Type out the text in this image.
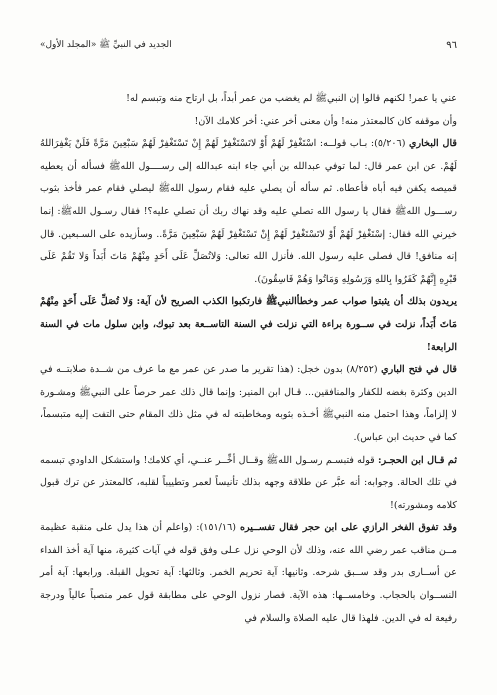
٩٦
الجديد في النبيِّ ﷺ «المجلد الأول»

عني يا عمر! لكنهم قالوا إن النبيﷺ لم يغضب من عمر أبداً، بل ارتاح منه وتبسم له!

وأن موقفه كان كالمعتذر منه! وأن معنى أخر عني: أخر كلامك الآن!

قال البخاري (٥/٢٠٦): بـاب قولــه: اسْتَغْفِرْ لَهُمْ أَوْ لاتَسْتَغْفِرْ لَهُمْ إِنْ تَسْتَغْفِرْ لَهُمْ سَبْعِينَ مَرَّةً فَلَنْ يَغْفِرَاللهُ لَهُمْ. عن ابن عمر قال: لما توفي عبدالله بن أبي جاء ابنه عبدالله إلى رســــول اللهﷺ فسأله أن يعطيه قميصه يكفن فيه أباه فأعطاه. ثم سأله أن يصلي عليه فقام رسول اللهﷺ ليصلي فقام عمر فأخذ بثوب رســـول اللهﷺ فقال يا رسول الله تصلي عليه وقد نهاك ربك أن تصلي عليه؟! فقال رسـول اللهﷺ: إنما خيرني الله فقال: إسْتَغْفِرْ لَهُمْ أَوْ لاتَسْتَغْفِرْ لَهُمْ إِنْ تَسْتَغْفِرْ لَهُمْ سَبْعِينَ مَرَّةً.. وسأزيده على السـبعين. قال إنه منافق! قال فصلى عليه رسول الله. فأنزل الله تعالى: وَلاتُصَلِّ عَلَى أَحَدٍ مِنْهُمْ مَاتَ أَبَداً وَلا تَقُمْ عَلَى قَبْرِهِ إِنَّهُمْ كَفَرُوا بِاللهِ وَرَسُولِهِ وَمَاتُوا وَهُمْ فَاسِقُونَ).

يريدون بذلك أن يثبتوا صواب عمر وخطأالنبيﷺ فارتكبوا الكذب الصريح لأن آية: وَلا تُصَلِّ عَلَى أَحَدٍ مِنْهُمْ مَاتَ أَبَداً، نزلت في ســورة براءة التي نزلت في السنة التاســعة بعد تبوك، وابن سلول مات في السنة الرابعة!

قال في فتح الباري (٨/٢٥٢) بدون خجل: (هذا تقرير ما صدر عن عمر مع ما عرف من شــدة صلابتــه في الدين وكثرة بغضه للكفار والمنافقين... قـال ابن المنير: وإنما قال ذلك عمر حرصاً على النبيﷺ ومشـورة لا إلزاماً، وهذا احتمل منه النبيﷺ أخـذه بثوبه ومخاطبته له في مثل ذلك المقام حتى التفت إليه متبسماً، كما في حديث ابن عباس).

ثم قـال ابن الحجـر: قوله فتبسـم رسـول اللهﷺ وقــال أخِّــر عنــي، أي كلامك! واستشكل الداودي تبسمه في تلك الحالة. وجوابه: أنه عبَّر عن طلاقة وجهه بذلك تأنيساً لعمر وتطييباً لقلبه، كالمعتذر عن ترك قبول كلامه ومشورته)!

وقد تفوق الفخر الرازي على ابن حجر فقال تفســيره (١٥١/١٦): (واعلم أن هذا يدل على منقبة عظيمة مــن مناقب عمر رضي الله عنه، وذلك لأن الوحي نزل عـلى وفق قوله في آيات كثيرة، منها آية أخذ الفداء عن أســارى بدر وقد ســبق شرحه. وثانيها: آية تحريم الخمر. وثالثها: آية تحويل القبلة. ورابعها: آية أمر النســوان بالحجاب. وخامســها: هذه الآية. فصار نزول الوحي على مطابقة قول عمر منصباً عالياً ودرجة رفيعة له في الدين. فلهذا قال عليه الصلاة والسلام في
